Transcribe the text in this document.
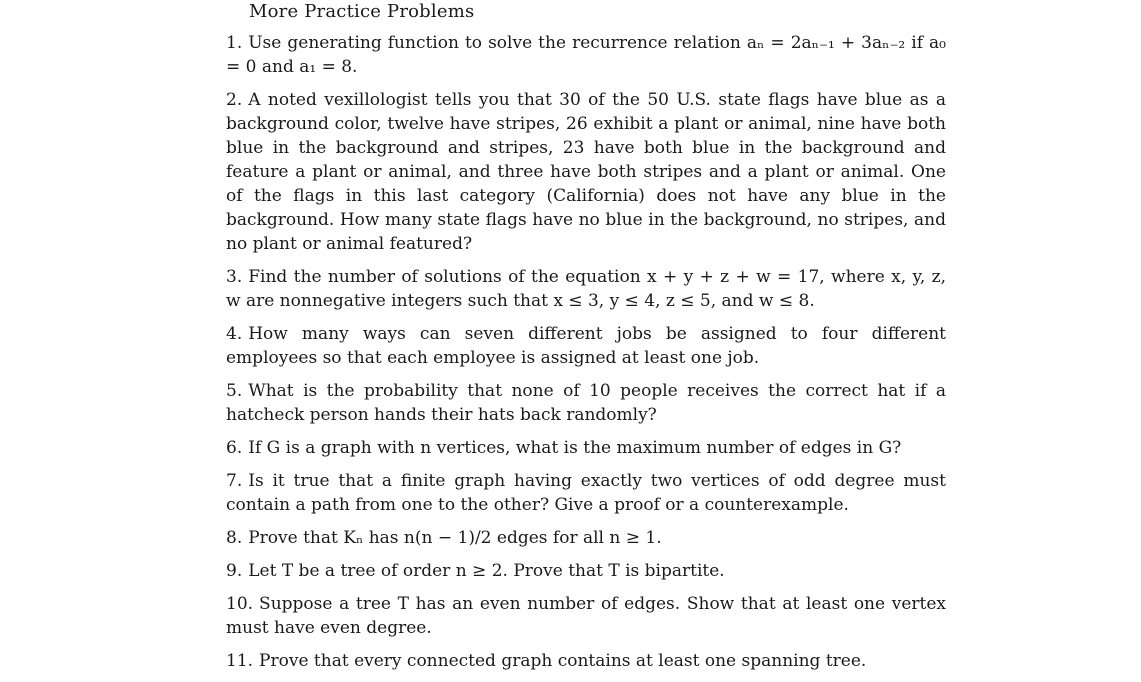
More Practice Problems
1. Use generating function to solve the recurrence relation aₙ = 2aₙ₋₁ + 3aₙ₋₂ if a₀ = 0 and a₁ = 8.
2. A noted vexillologist tells you that 30 of the 50 U.S. state flags have blue as a background color, twelve have stripes, 26 exhibit a plant or animal, nine have both blue in the background and stripes, 23 have both blue in the background and feature a plant or animal, and three have both stripes and a plant or animal. One of the flags in this last category (California) does not have any blue in the background. How many state flags have no blue in the background, no stripes, and no plant or animal featured?
3. Find the number of solutions of the equation x + y + z + w = 17, where x, y, z, w are nonnegative integers such that x ≤ 3, y ≤ 4, z ≤ 5, and w ≤ 8.
4. How many ways can seven different jobs be assigned to four different employees so that each employee is assigned at least one job.
5. What is the probability that none of 10 people receives the correct hat if a hatcheck person hands their hats back randomly?
6. If G is a graph with n vertices, what is the maximum number of edges in G?
7. Is it true that a finite graph having exactly two vertices of odd degree must contain a path from one to the other? Give a proof or a counterexample.
8. Prove that Kₙ has n(n − 1)/2 edges for all n ≥ 1.
9. Let T be a tree of order n ≥ 2. Prove that T is bipartite.
10. Suppose a tree T has an even number of edges. Show that at least one vertex must have even degree.
11. Prove that every connected graph contains at least one spanning tree.
